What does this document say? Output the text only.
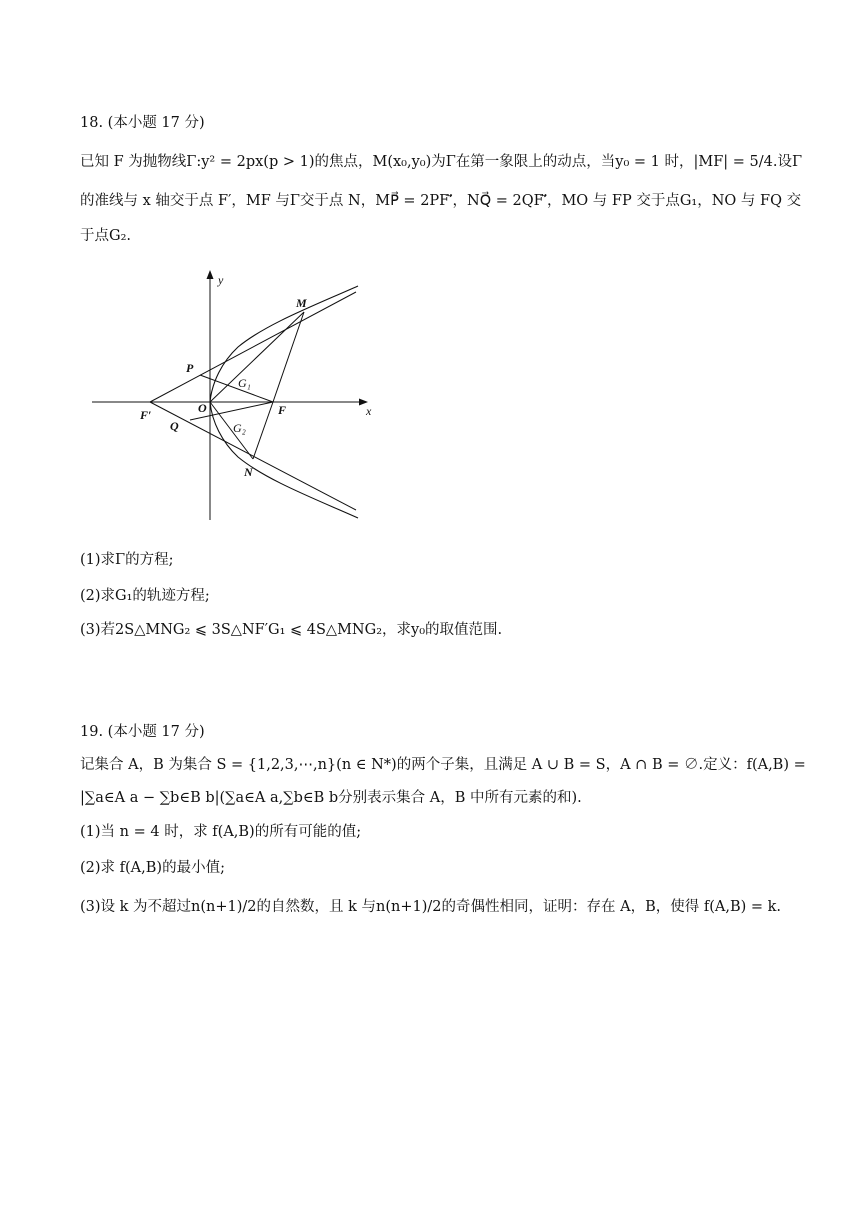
18. (本小题 17 分)
已知 F 为抛物线Γ:y² = 2px(p > 1)的焦点，M(x₀,y₀)为Γ在第一象限上的动点，当y₀ = 1 时，|MF| = 5/4.设Γ
的准线与 x 轴交于点 F′，MF 与Γ交于点 N，MP⃗ = 2PF′⃗，NQ⃗ = 2QF′⃗，MO 与 FP 交于点G₁，NO 与 FQ 交
于点G₂.
y
M
P
G₁
F′	O	F	x
Q	G₂
N
(1)求Γ的方程;
(2)求G₁的轨迹方程;
(3)若2S△MNG₂ ⩽ 3S△NF′G₁ ⩽ 4S△MNG₂，求y₀的取值范围.
19. (本小题 17 分)
记集合 A，B 为集合 S = {1,2,3,⋯,n}(n ∈ N*)的两个子集，且满足 A ∪ B = S，A ∩ B = ∅.定义：f(A,B) =
|∑a∈A a − ∑b∈B b|(∑a∈A a,∑b∈B b分别表示集合 A，B 中所有元素的和).
(1)当 n = 4 时，求 f(A,B)的所有可能的值;
(2)求 f(A,B)的最小值;
(3)设 k 为不超过n(n+1)/2的自然数，且 k 与n(n+1)/2的奇偶性相同，证明：存在 A，B，使得 f(A,B) = k.
